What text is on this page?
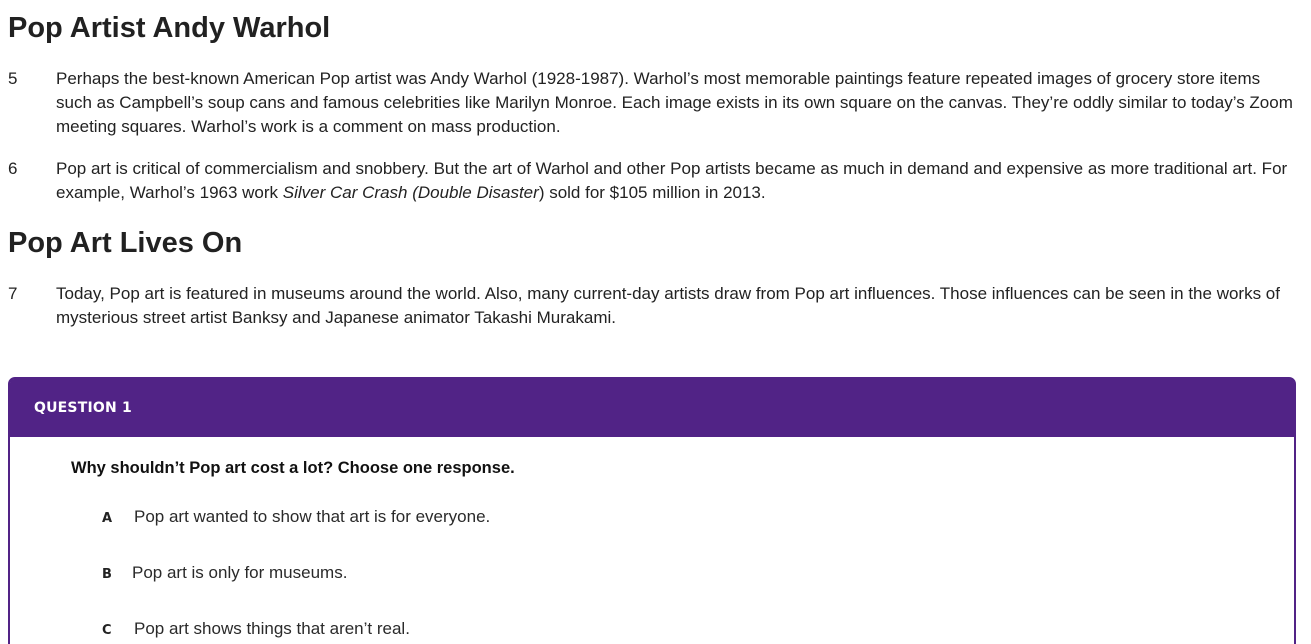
Pop Artist Andy Warhol
5	Perhaps the best-known American Pop artist was Andy Warhol (1928-1987). Warhol’s most memorable paintings feature repeated images of grocery store items such as Campbell’s soup cans and famous celebrities like Marilyn Monroe. Each image exists in its own square on the canvas. They’re oddly similar to today’s Zoom meeting squares. Warhol’s work is a comment on mass production.
6	Pop art is critical of commercialism and snobbery. But the art of Warhol and other Pop artists became as much in demand and expensive as more traditional art. For example, Warhol’s 1963 work Silver Car Crash (Double Disaster) sold for $105 million in 2013.
Pop Art Lives On
7	Today, Pop art is featured in museums around the world. Also, many current-day artists draw from Pop art influences. Those influences can be seen in the works of mysterious street artist Banksy and Japanese animator Takashi Murakami.
QUESTION 1
Why shouldn’t Pop art cost a lot? Choose one response.
A	Pop art wanted to show that art is for everyone.
B	Pop art is only for museums.
C	Pop art shows things that aren’t real.
